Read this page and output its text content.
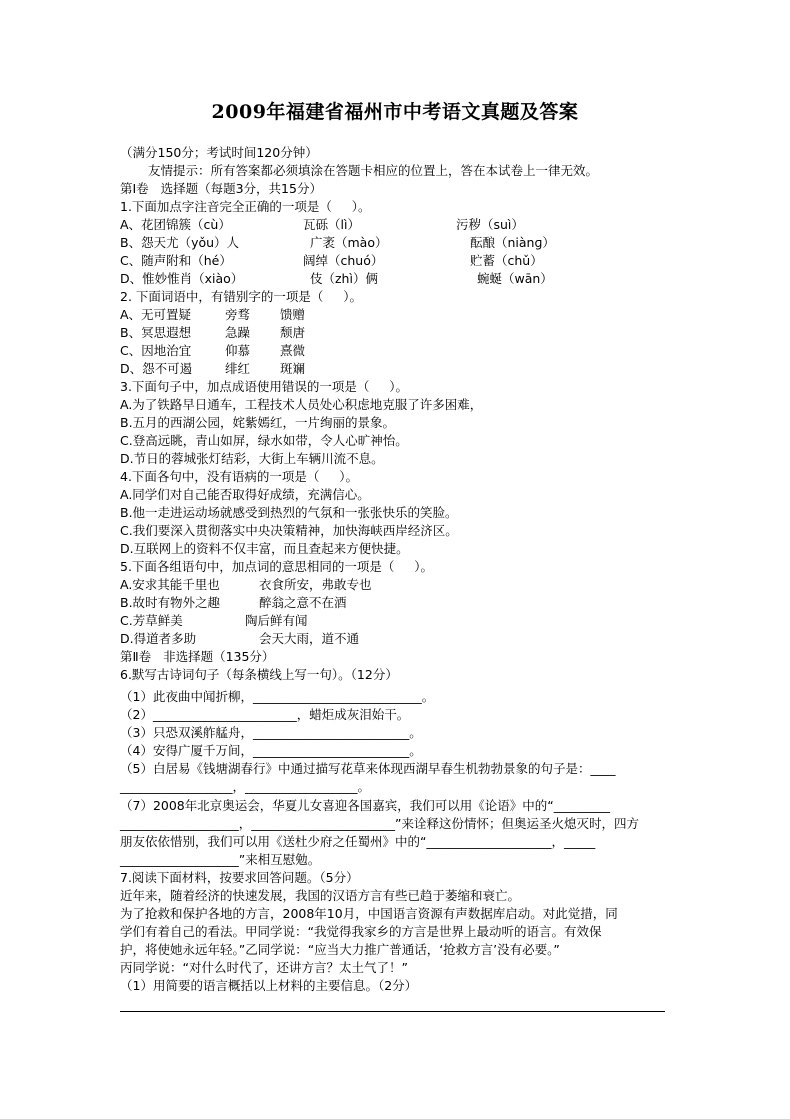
2009年福建省福州市中考语文真题及答案
（满分150分；考试时间120分钟）
友情提示：所有答案都必须填涂在答题卡相应的位置上，答在本试卷上一律无效。
第Ⅰ卷   选择题（每题3分，共15分）
1.下面加点字注音完全正确的一项是（     ）。
A、花团锦簇（cù）	瓦砾（lì）	污秽（suì）
B、怨天尤（yǒu）人	广袤（mào）	酝酿（niànɡ）
C、随声附和（hé）	阔绰（chuó）	贮蓄（chǔ）
D、惟妙惟肖（xiào）	伎（zhì）俩	蜿蜒（wān）
2. 下面词语中，有错别字的一项是（     ）。
A、无可置疑	旁骛 馈赠
B、冥思遐想	急躁 颓唐
C、因地治宜	仰慕 熹微
D、怨不可遏	绯红 斑斓
3.下面句子中，加点成语使用错误的一项是（     ）。
A.为了铁路早日通车，工程技术人员处心积虑地克服了许多困难，
B.五月的西湖公园，姹紫嫣红，一片绚丽的景象。
C.登高远眺，青山如屏，绿水如带，令人心旷神怡。
D.节日的蓉城张灯结彩，大街上车辆川流不息。
4.下面各句中，没有语病的一项是（     ）。
A.同学们对自己能否取得好成绩，充满信心。
B.他一走进运动场就感受到热烈的气氛和一张张快乐的笑脸。
C.我们要深入贯彻落实中央决策精神，加快海峡西岸经济区。
D.互联网上的资料不仅丰富，而且查起来方便快捷。
5.下面各组语句中，加点词的意思相同的一项是（     ）。
A.安求其能千里也	衣食所安，弗敢专也
B.故时有物外之趣	醉翁之意不在酒
C.芳草鲜美	陶后鲜有闻
D.得道者多助	会天大雨，道不通
第Ⅱ卷   非选择题（135分）
6.默写古诗词句子（每条横线上写一句）。（12分）
（1）此夜曲中闻折柳，___________________________。
（2）_______________________，蜡炬成灰泪始干。
（3）只恐双溪舴艋舟，_________________________。
（4）安得广厦千万间，_________________________。
（5）白居易《钱塘湖春行》中通过描写花草来体现西湖早春生机勃勃景象的句子是：____
__________________，__________________。
（7）2008年北京奥运会，华夏儿女喜迎各国嘉宾，我们可以用《论语》中的“_________
___________________，_______________________”来诠释这份情怀；但奥运圣火熄灭时，四方
朋友依依惜别，我们可以用《送杜少府之任蜀州》中的“____________________，_____
___________________”来相互慰勉。
7.阅读下面材料，按要求回答问题。（5分）
近年来，随着经济的快速发展，我国的汉语方言有些已趋于萎缩和衰亡。
为了抢救和保护各地的方言，2008年10月，中国语言资源有声数据库启动。对此觉措，同
学们有着自己的看法。甲同学说：“我觉得我家乡的方言是世界上最动听的语言。有效保
护，将使她永远年轻。”乙同学说：“应当大力推广普通话，‘抢救方言’没有必要。”
丙同学说：“对什么时代了，还讲方言？太土气了！”
（1）用简要的语言概括以上材料的主要信息。（2分）
